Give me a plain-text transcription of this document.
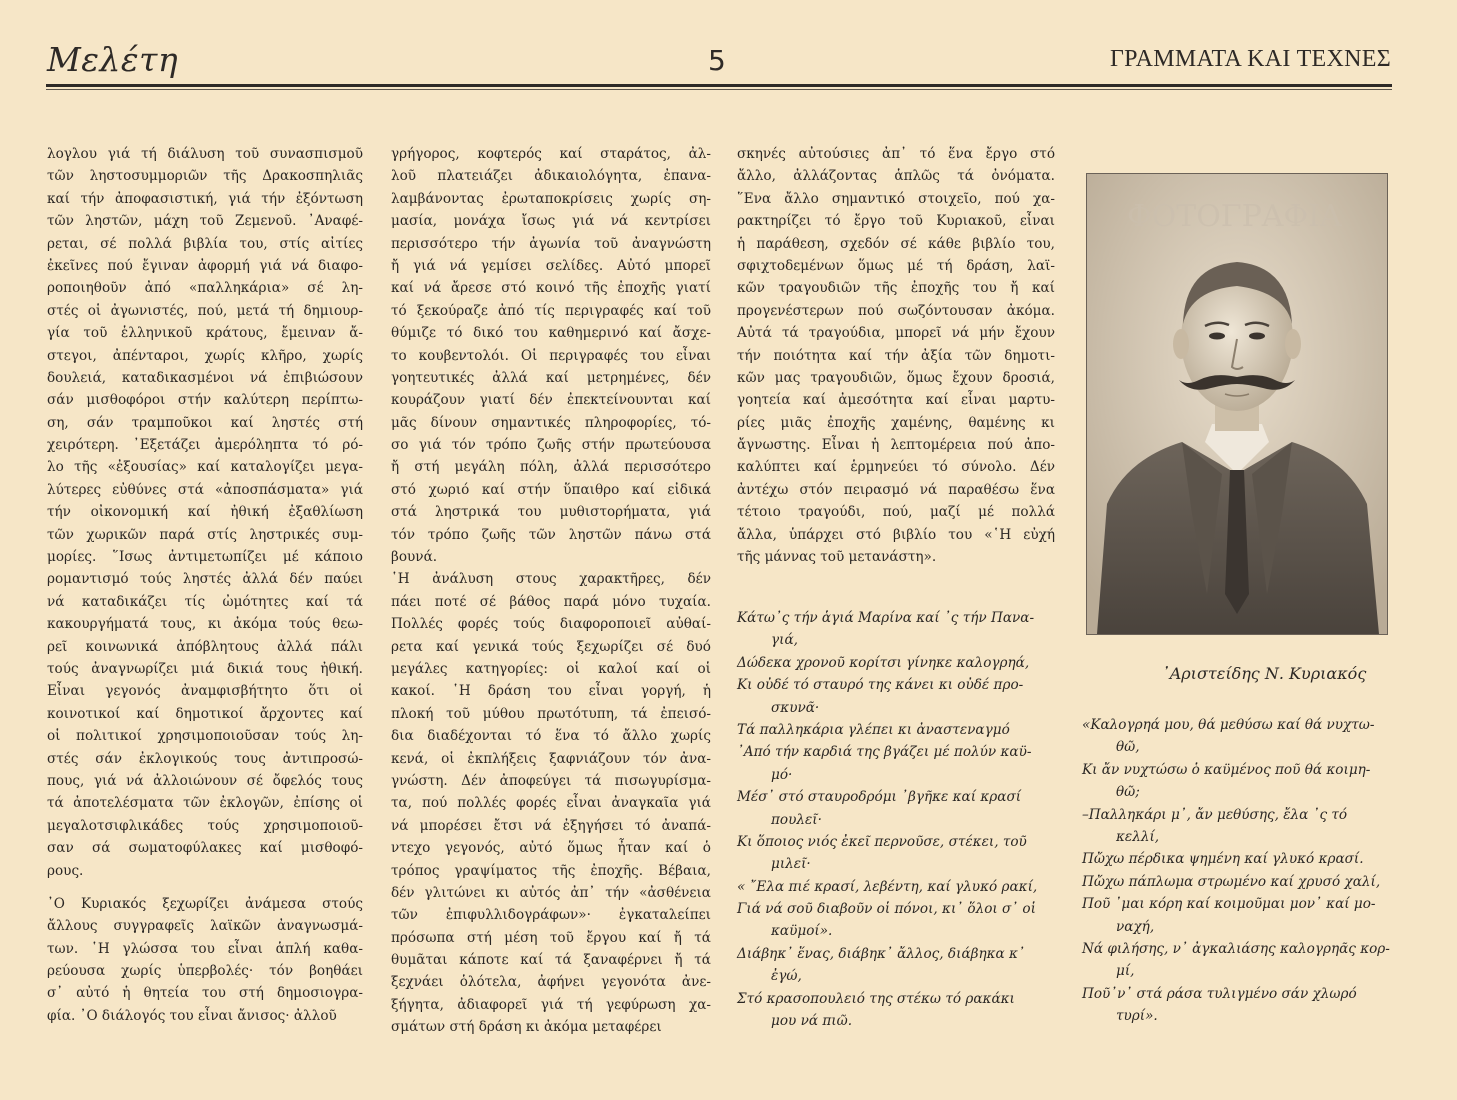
Μελέτη	5	ΓΡΑΜΜΑΤΑ ΚΑΙ ΤΕΧΝΕΣ
λογλου γιά τή διάλυση τοῦ συνασπισμοῦ
τῶν ληστοσυμμοριῶν τῆς Δρακοσπηλιᾶς
καί τήν ἀποφασιστική, γιά τήν ἐξόντωση
τῶν ληστῶν, μάχη τοῦ Ζεμενοῦ. ᾿Αναφέ-
ρεται, σέ πολλά βιβλία του, στίς αἰτίες
ἐκεῖνες πού ἔγιναν ἀφορμή γιά νά διαφο-
ροποιηθοῦν ἀπό «παλληκάρια» σέ λη-
στές οἱ ἀγωνιστές, πού, μετά τή δημιουρ-
γία τοῦ ἑλληνικοῦ κράτους, ἔμειναν ἄ-
στεγοι, ἀπένταροι, χωρίς κλῆρο, χωρίς
δουλειά, καταδικασμένοι νά ἐπιβιώσουν
σάν μισθοφόροι στήν καλύτερη περίπτω-
ση, σάν τραμποῦκοι καί ληστές στή
χειρότερη. ᾿Εξετάζει ἀμερόληπτα τό ρό-
λο τῆς «ἐξουσίας» καί καταλογίζει μεγα-
λύτερες εὐθύνες στά «ἀποσπάσματα» γιά
τήν οἰκονομική καί ἠθική ἐξαθλίωση
τῶν χωρικῶν παρά στίς ληστρικές συμ-
μορίες. ῞Ισως ἀντιμετωπίζει μέ κάποιο
ρομαντισμό τούς ληστές ἀλλά δέν παύει
νά καταδικάζει τίς ὠμότητες καί τά
κακουργήματά τους, κι ἀκόμα τούς θεω-
ρεῖ κοινωνικά ἀπόβλητους ἀλλά πάλι
τούς ἀναγνωρίζει μιά δικιά τους ἠθική.
Εἶναι γεγονός ἀναμφισβήτητο ὅτι οἱ
κοινοτικοί καί δημοτικοί ἄρχοντες καί
οἱ πολιτικοί χρησιμοποιοῦσαν τούς λη-
στές σάν ἐκλογικούς τους ἀντιπροσώ-
πους, γιά νά ἀλλοιώνουν σέ ὄφελός τους
τά ἀποτελέσματα τῶν ἐκλογῶν, ἐπίσης οἱ
μεγαλοτσιφλικάδες τούς χρησιμοποιοῦ-
σαν σά σωματοφύλακες καί μισθοφό-
ρους.
᾿Ο Κυριακός ξεχωρίζει ἀνάμεσα στούς
ἄλλους συγγραφεῖς λαϊκῶν ἀναγνωσμά-
των. ῾Η γλώσσα του εἶναι ἁπλή καθα-
ρεύουσα χωρίς ὑπερβολές· τόν βοηθάει
σ᾿ αὐτό ἡ θητεία του στή δημοσιογρα-
φία. ᾿Ο διάλογός του εἶναι ἄνισος· ἀλλοῦ
γρήγορος, κοφτερός καί σταράτος, ἀλ-
λοῦ πλατειάζει ἀδικαιολόγητα, ἐπανα-
λαμβάνοντας ἐρωταποκρίσεις χωρίς ση-
μασία, μονάχα ἴσως γιά νά κεντρίσει
περισσότερο τήν ἀγωνία τοῦ ἀναγνώστη
ἤ γιά νά γεμίσει σελίδες. Αὐτό μπορεῖ
καί νά ἄρεσε στό κοινό τῆς ἐποχῆς γιατί
τό ξεκούραζε ἀπό τίς περιγραφές καί τοῦ
θύμιζε τό δικό του καθημερινό καί ἄσχε-
το κουβεντολόι. Οἱ περιγραφές του εἶναι
γοητευτικές ἀλλά καί μετρημένες, δέν
κουράζουν γιατί δέν ἐπεκτείνουνται καί
μᾶς δίνουν σημαντικές πληροφορίες, τό-
σο γιά τόν τρόπο ζωῆς στήν πρωτεύουσα
ἤ στή μεγάλη πόλη, ἀλλά περισσότερο
στό χωριό καί στήν ὕπαιθρο καί εἰδικά
στά ληστρικά του μυθιστορήματα, γιά
τόν τρόπο ζωῆς τῶν ληστῶν πάνω στά
βουνά.
῾Η ἀνάλυση στους χαρακτῆρες, δέν
πάει ποτέ σέ βάθος παρά μόνο τυχαία.
Πολλές φορές τούς διαφοροποιεῖ αὐθαί-
ρετα καί γενικά τούς ξεχωρίζει σέ δυό
μεγάλες κατηγορίες: οἱ καλοί καί οἱ
κακοί. ῾Η δράση του εἶναι γοργή, ἡ
πλοκή τοῦ μύθου πρωτότυπη, τά ἐπεισό-
δια διαδέχονται τό ἕνα τό ἄλλο χωρίς
κενά, οἱ ἐκπλήξεις ξαφνιάζουν τόν ἀνα-
γνώστη. Δέν ἀποφεύγει τά πισωγυρίσμα-
τα, πού πολλές φορές εἶναι ἀναγκαῖα γιά
νά μπορέσει ἔτσι νά ἐξηγήσει τό ἀναπά-
ντεχο γεγονός, αὐτό ὅμως ἦταν καί ὁ
τρόπος γραψίματος τῆς ἐποχῆς. Βέβαια,
δέν γλιτώνει κι αὐτός ἀπ᾿ τήν «ἀσθένεια
τῶν ἐπιφυλλιδογράφων»· ἐγκαταλείπει
πρόσωπα στή μέση τοῦ ἔργου καί ἤ τά
θυμᾶται κάποτε καί τά ξαναφέρνει ἤ τά
ξεχνάει ὁλότελα, ἀφήνει γεγονότα ἀνε-
ξήγητα, ἀδιαφορεῖ γιά τή γεφύρωση χα-
σμάτων στή δράση κι ἀκόμα μεταφέρει
σκηνές αὐτούσιες ἀπ᾿ τό ἕνα ἔργο στό
ἄλλο, ἀλλάζοντας ἁπλῶς τά ὀνόματα.
῞Ενα ἄλλο σημαντικό στοιχεῖο, πού χα-
ρακτηρίζει τό ἔργο τοῦ Κυριακοῦ, εἶναι
ἡ παράθεση, σχεδόν σέ κάθε βιβλίο του,
σφιχτοδεμένων ὅμως μέ τή δράση, λαϊ-
κῶν τραγουδιῶν τῆς ἐποχῆς του ἤ καί
προγενέστερων πού σωζόντουσαν ἀκόμα.
Αὐτά τά τραγούδια, μπορεῖ νά μήν ἔχουν
τήν ποιότητα καί τήν ἀξία τῶν δημοτι-
κῶν μας τραγουδιῶν, ὅμως ἔχουν δροσιά,
γοητεία καί ἀμεσότητα καί εἶναι μαρτυ-
ρίες μιᾶς ἐποχῆς χαμένης, θαμένης κι
ἄγνωστης. Εἶναι ἡ λεπτομέρεια πού ἀπο-
καλύπτει καί ἑρμηνεύει τό σύνολο. Δέν
ἀντέχω στόν πειρασμό νά παραθέσω ἕνα
τέτοιο τραγούδι, πού, μαζί μέ πολλά
ἄλλα, ὑπάρχει στό βιβλίο του «῾Η εὐχή
τῆς μάννας τοῦ μετανάστη».
Κάτω᾿ς τήν ἁγιά Μαρίνα καί ᾿ς τήν Πανα-
γιά,
Δώδεκα χρονοῦ κορίτσι γίνηκε καλογρηά,
Κι οὐδέ τό σταυρό της κάνει κι οὐδέ προ-
σκυνᾶ·
Τά παλληκάρια γλέπει κι ἀναστεναγμό
᾿Από τήν καρδιά της βγάζει μέ πολύν καϋ-
μό·
Μέσ᾿ στό σταυροδρόμι ᾿βγῆκε καί κρασί
πουλεῖ·
Κι ὅποιος νιός ἐκεῖ περνοῦσε, στέκει, τοῦ
μιλεῖ·
« ῎Ελα πιέ κρασί, λεβέντη, καί γλυκό ρακί,
Γιά νά σοῦ διαβοῦν οἱ πόνοι, κι᾿ ὅλοι σ᾿ οἱ
καϋμοί».
Διάβηκ᾿ ἕνας, διάβηκ᾿ ἄλλος, διάβηκα κ᾿
ἐγώ,
Στό κρασοπουλειό της στέκω τό ρακάκι
μου νά πιῶ.
«Καλογρηά μου, θά μεθύσω καί θά νυχτω-
θῶ,
Κι ἄν νυχτώσω ὁ καϋμένος ποῦ θά κοιμη-
θῶ;
–Παλληκάρι μ᾿, ἄν μεθύσης, ἔλα ᾿ς τό
κελλί,
Πὤχω πέρδικα ψημένη καί γλυκό κρασί.
Πὤχω πάπλωμα στρωμένο καί χρυσό χαλί,
Ποῦ ᾿μαι κόρη καί κοιμοῦμαι μον᾿ καί μο-
ναχή,
Νά φιλήσης, ν᾿ ἀγκαλιάσης καλογρηᾶς κορ-
μί,
Ποῦ᾿ν᾿ στά ράσα τυλιγμένο σάν χλωρό
τυρί».
ΦΟΤΟΓΡΑΦΙΑ
᾿Αριστείδης Ν. Κυριακός
